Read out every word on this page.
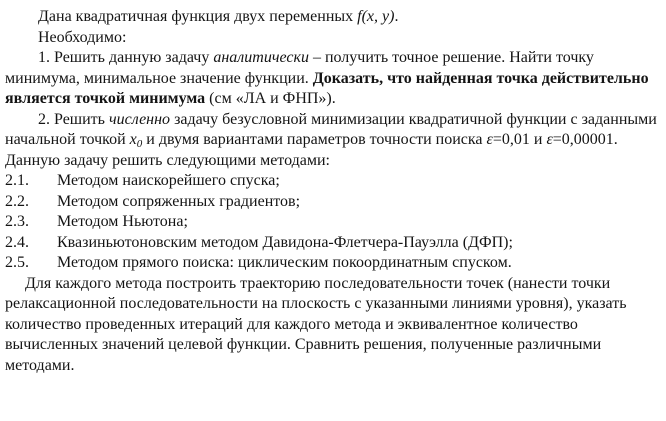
Дана квадратичная функция двух переменных f(x, y).

Необходимо:

1. Решить данную задачу аналитически – получить точное решение. Найти точку минимума, минимальное значение функции. Доказать, что найденная точка действительно является точкой минимума (см «ЛА и ФНП»).

2. Решить численно задачу безусловной минимизации квадратичной функции с заданными начальной точкой $x_0$ и двумя вариантами параметров точности поиска ε=0,01 и ε=0,00001. Данную задачу решить следующими методами:

2.1.	Методом наискорейшего спуска;
2.2.	Методом сопряженных градиентов;
2.3.	Методом Ньютона;
2.4.	Квазиньютоновским методом Давидона-Флетчера-Пауэлла (ДФП);
2.5.	Методом прямого поиска: циклическим покоординатным спуском.

Для каждого метода построить траекторию последовательности точек (нанести точки релаксационной последовательности на плоскость с указанными линиями уровня), указать количество проведенных итераций для каждого метода и эквивалентное количество вычисленных значений целевой функции. Сравнить решения, полученные различными методами.
